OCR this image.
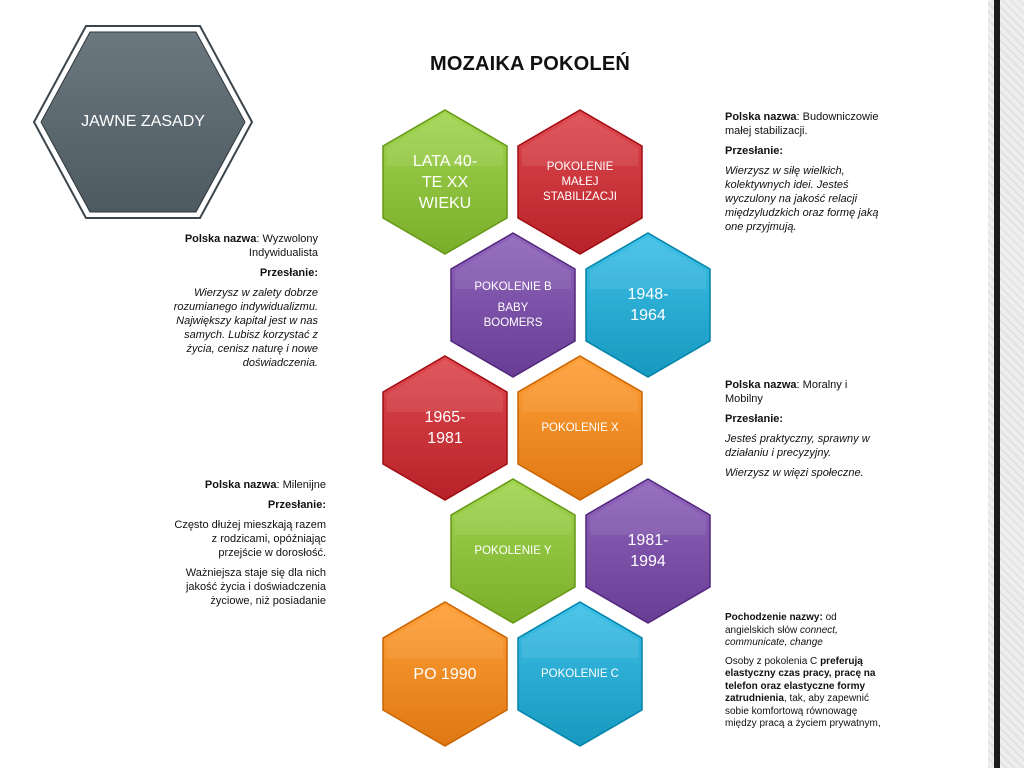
MOZAIKA POKOLEŃ
JAWNE ZASADY
LATA 40-
TE XX
WIEKU
POKOLENIE
MAŁEJ
STABILIZACJI
POKOLENIE B
BABY
BOOMERS
1948-
1964
1965-
1981
POKOLENIE X
POKOLENIE Y
1981-
1994
PO 1990	POKOLENIE C

Polska nazwa: Budowniczowie małej stabilizacji.

Przesłanie:

Wierzysz w siłę wielkich, kolektywnych idei. Jesteś wyczulony na jakość relacji międzyludzkich oraz formę jaką one przyjmują.

Polska nazwa: Wyzwolony Indywidualista

Przesłanie:

Wierzysz w zalety dobrze rozumianego indywidualizmu. Największy kapitał jest w nas samych. Lubisz korzystać z życia, cenisz naturę i nowe doświadczenia.

Polska nazwa: Moralny i Mobilny

Przesłanie:

Jesteś praktyczny, sprawny w działaniu i precyzyjny.

Wierzysz w więzi społeczne.

Polska nazwa: Milenijne

Przesłanie:

Często dłużej mieszkają razem z rodzicami, opóźniając przejście w dorosłość.

Ważniejsza staje się dla nich jakość życia i doświadczenia życiowe, niż posiadanie

Pochodzenie nazwy: od angielskich słów connect, communicate, change

Osoby z pokolenia C preferują elastyczny czas pracy, pracę na telefon oraz elastyczne formy zatrudnienia, tak, aby zapewnić sobie komfortową równowagę między pracą a życiem prywatnym,
